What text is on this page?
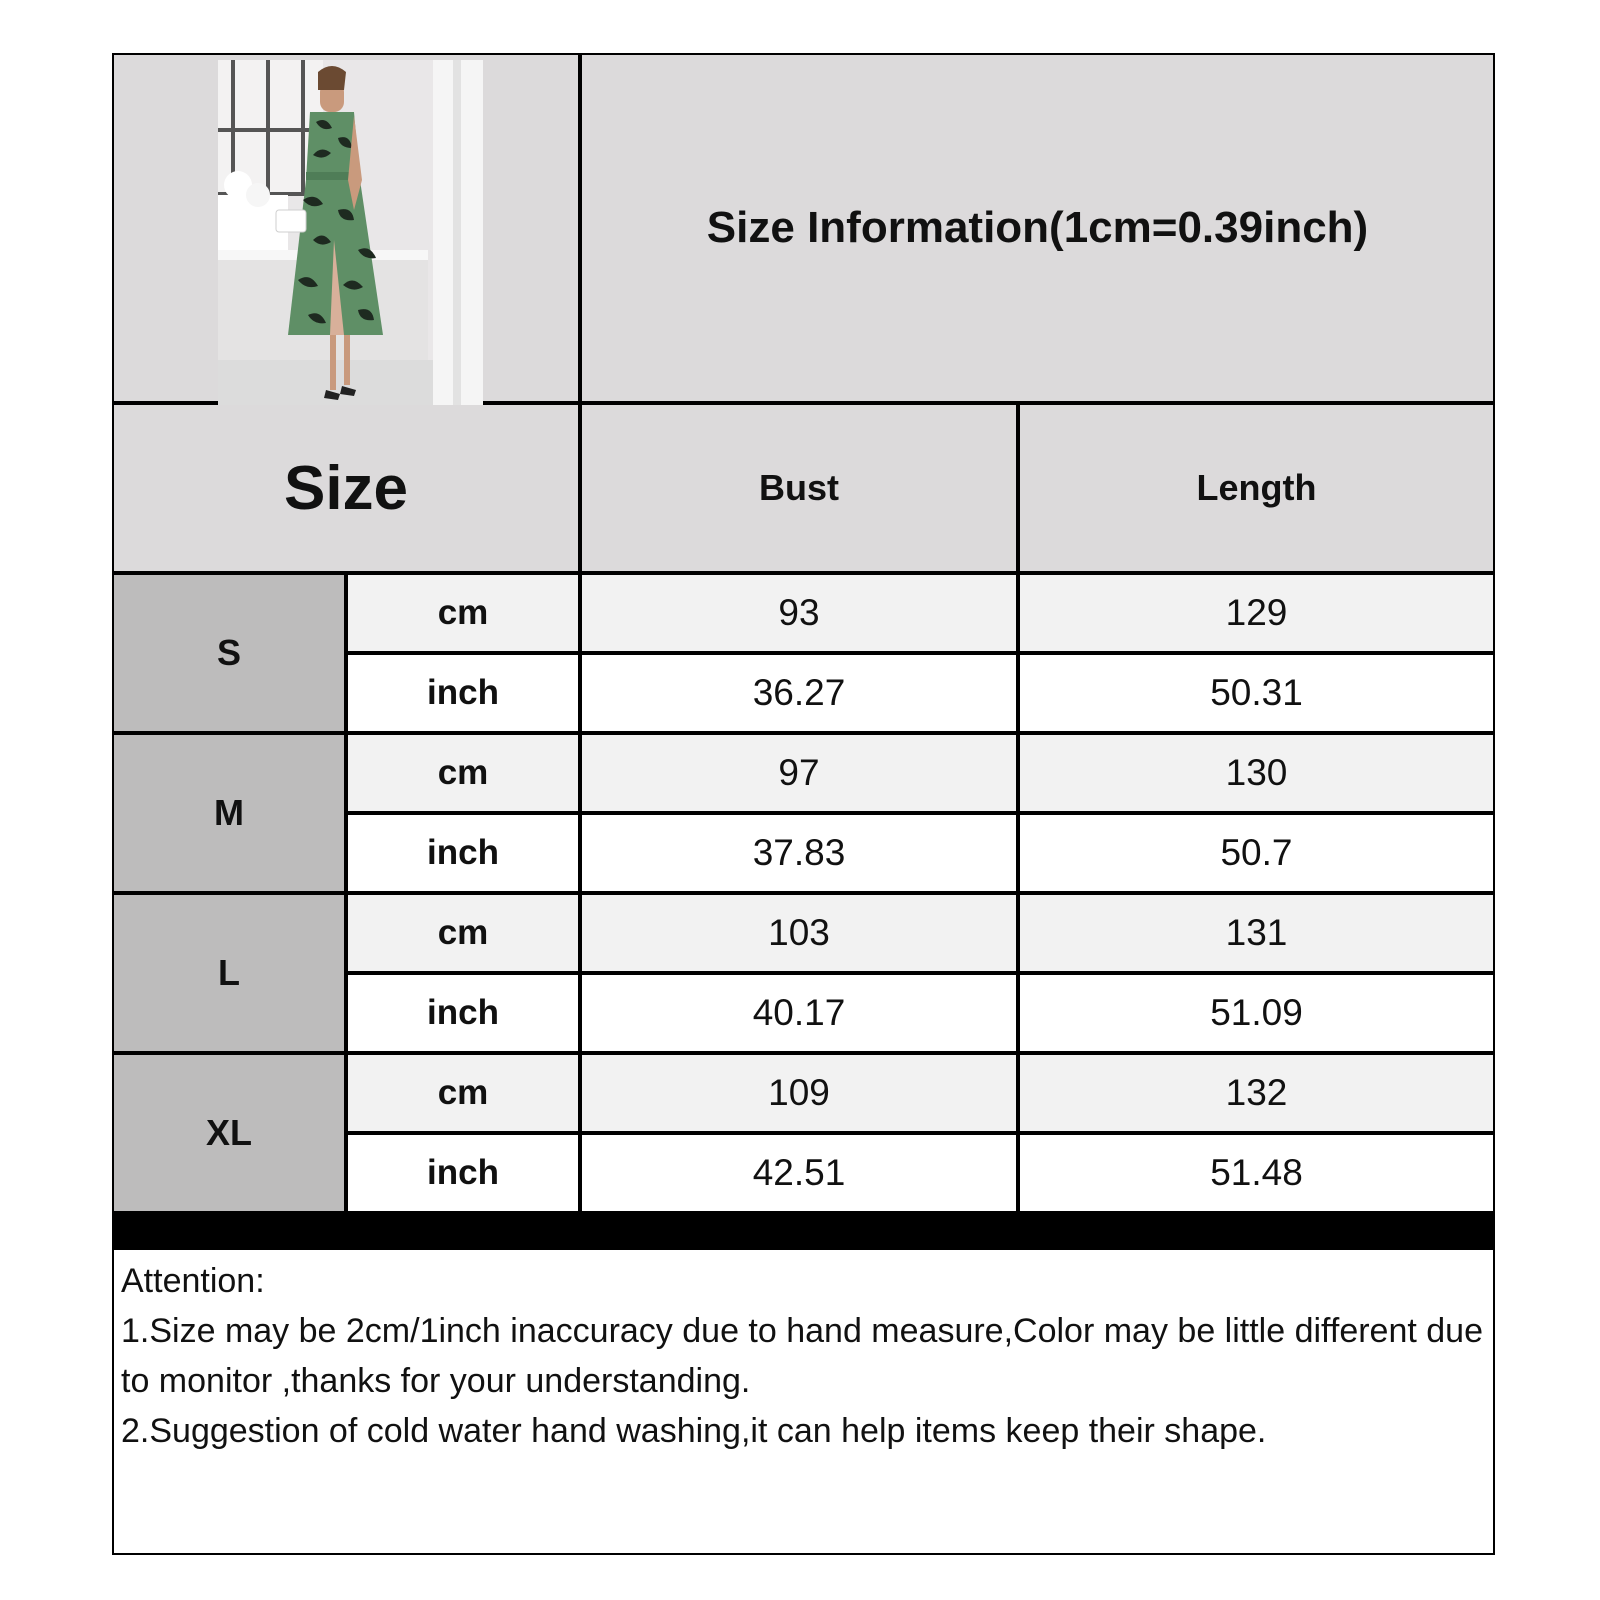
Size Information(1cm=0.39inch)
Size	Bust	Length
S
cm	93	129
inch	36.27	50.31
M
cm	97	130
inch	37.83	50.7
L
cm	103	131
inch	40.17	51.09
XL
cm	109	132
inch	42.51	51.48

Attention:

1.Size may be 2cm/1inch inaccuracy due to hand measure,Color may be little different due to monitor ,thanks for your understanding.

2.Suggestion of cold water hand washing,it can help items keep their shape.
